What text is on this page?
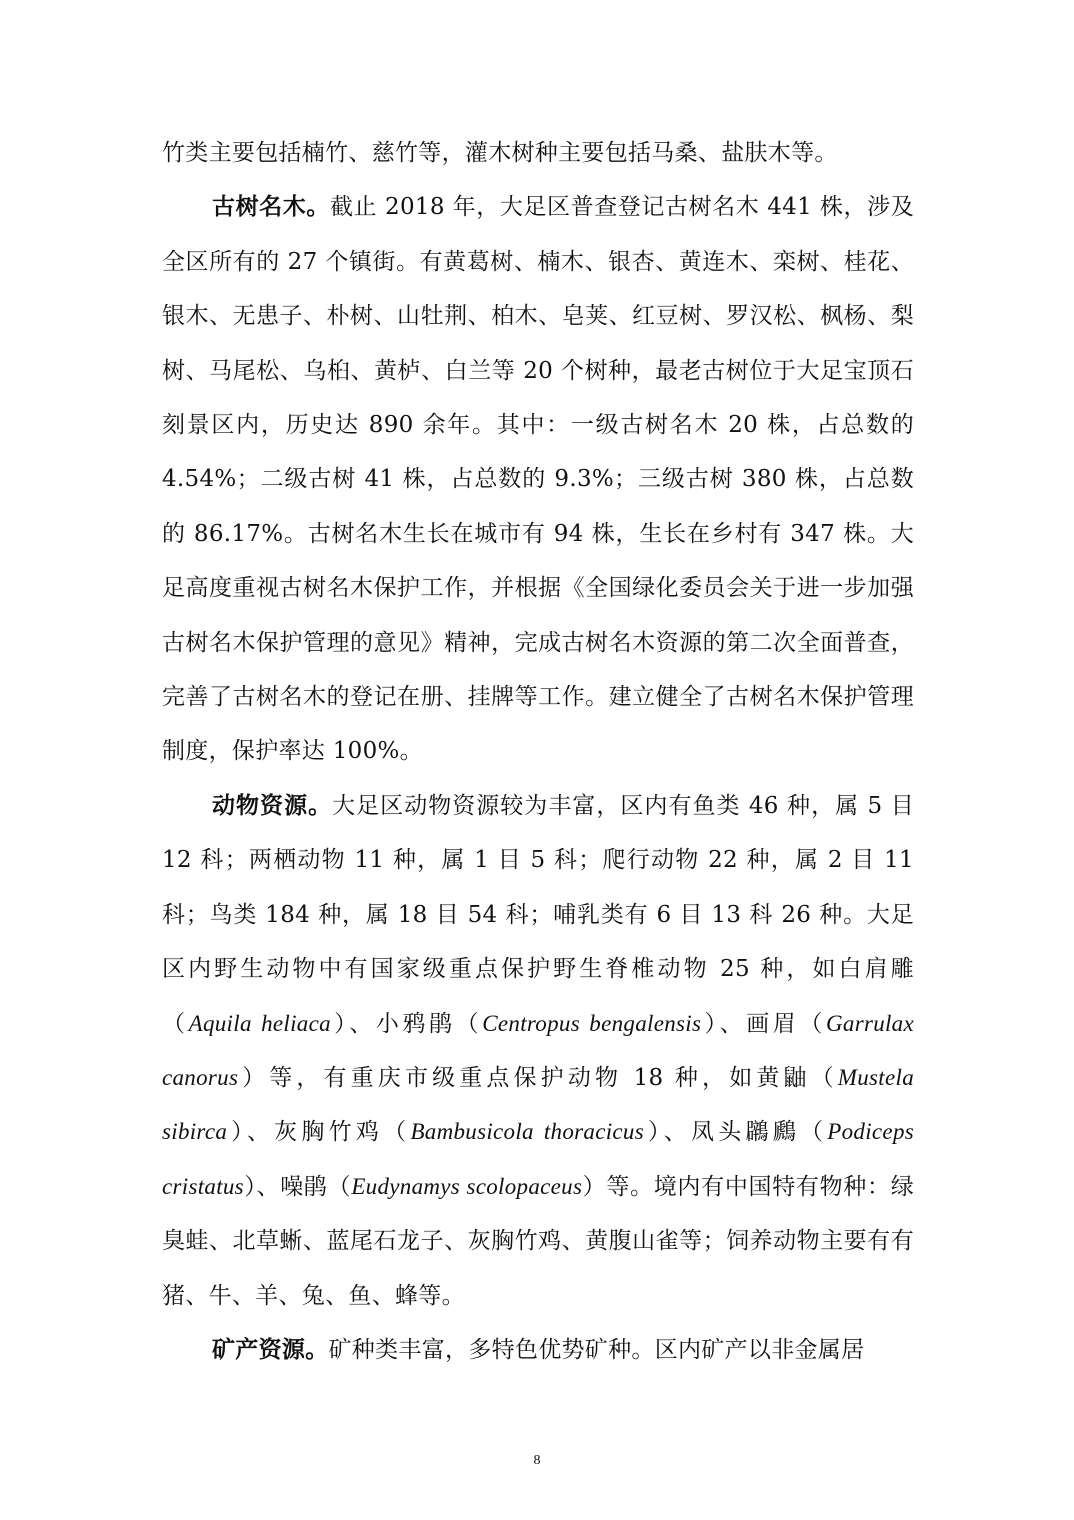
竹类主要包括楠竹、慈竹等，灌木树种主要包括马桑、盐肤木等。

古树名木。截止 2018 年，大足区普查登记古树名木 441 株，涉及全区所有的 27 个镇街。有黄葛树、楠木、银杏、黄连木、栾树、桂花、银木、无患子、朴树、山牡荆、柏木、皂荚、红豆树、罗汉松、枫杨、梨树、马尾松、乌桕、黄栌、白兰等 20 个树种，最老古树位于大足宝顶石刻景区内，历史达 890 余年。其中：一级古树名木 20 株，占总数的 4.54%；二级古树 41 株，占总数的 9.3%；三级古树 380 株，占总数的 86.17%。古树名木生长在城市有 94 株，生长在乡村有 347 株。大足高度重视古树名木保护工作，并根据《全国绿化委员会关于进一步加强古树名木保护管理的意见》精神，完成古树名木资源的第二次全面普查，完善了古树名木的登记在册、挂牌等工作。建立健全了古树名木保护管理制度，保护率达 100%。

动物资源。大足区动物资源较为丰富，区内有鱼类 46 种，属 5 目 12 科；两栖动物 11 种，属 1 目 5 科；爬行动物 22 种，属 2 目 11 科；鸟类 184 种，属 18 目 54 科；哺乳类有 6 目 13 科 26 种。大足区内野生动物中有国家级重点保护野生脊椎动物 25 种，如白肩雕（Aquila heliaca）、小鸦鹃（Centropus bengalensis）、画眉（Garrulax canorus）等，有重庆市级重点保护动物 18 种，如黄鼬（Mustela sibirca）、灰胸竹鸡（Bambusicola thoracicus）、凤头鸊鷉（Podiceps cristatus）、噪鹃（Eudynamys scolopaceus）等。境内有中国特有物种：绿臭蛙、北草蜥、蓝尾石龙子、灰胸竹鸡、黄腹山雀等；饲养动物主要有有猪、牛、羊、兔、鱼、蜂等。

矿产资源。矿种类丰富，多特色优势矿种。区内矿产以非金属居

8
